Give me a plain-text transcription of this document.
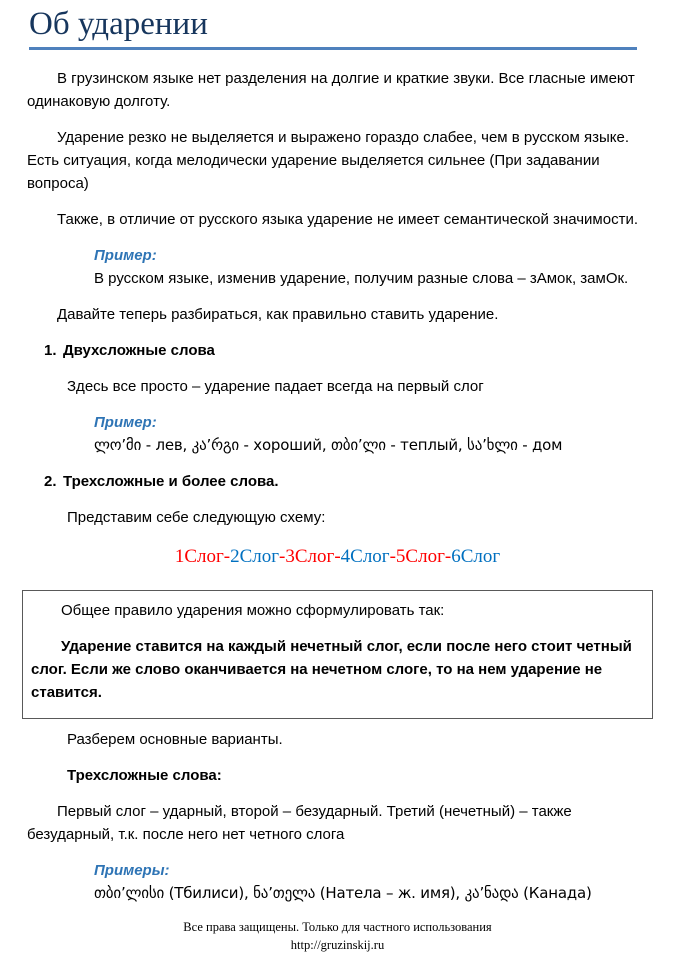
Об ударении

В грузинском языке нет разделения на долгие и краткие звуки. Все гласные имеют одинаковую долготу.

Ударение резко не выделяется и выражено гораздо слабее, чем в русском языке. Есть ситуация, когда мелодически ударение выделяется сильнее (При задавании вопроса)

Также, в отличие от русского языка ударение не имеет семантической значимости.

Пример:
В русском языке, изменив ударение, получим разные слова – зАмок, замОк.

Давайте теперь разбираться, как правильно ставить ударение.

1. Двухсложные слова

Здесь все просто – ударение падает всегда на первый слог

Пример:
ლო’მი - лев, კა’რგი - хороший, თბი’ლი - теплый, სა’ხლი - дом

2. Трехсложные и более слова.

Представим себе следующую схему:

1Слог-2Слог-3Слог-4Слог-5Слог-6Слог

Общее правило ударения можно сформулировать так:

Ударение ставится на каждый нечетный слог, если после него стоит четный слог. Если же слово оканчивается на нечетном слоге, то на нем ударение не ставится.

Разберем основные варианты.

Трехсложные слова:

Первый слог – ударный, второй – безударный. Третий (нечетный) – также безударный, т.к. после него нет четного слога

Примеры:
თბი’ლისი (Тбилиси), ნა’თელა (Натела – ж. имя), კა’ნადა (Канада)
Все права защищены. Только для частного использования
http://gruzinskij.ru
